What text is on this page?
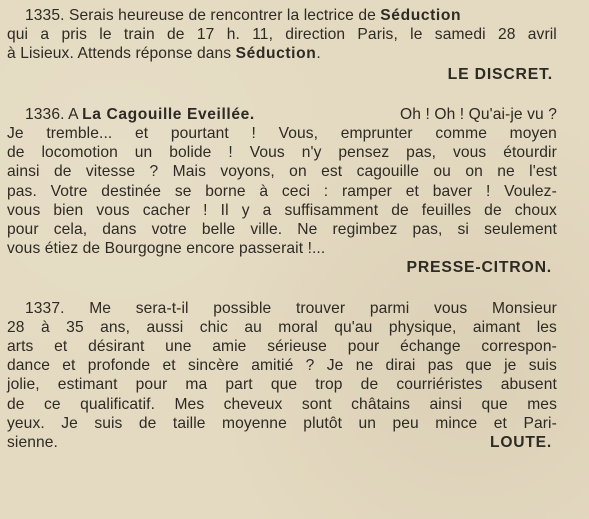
1335. Serais heureuse de rencontrer la lectrice de Séduction
qui a pris le train de 17 h. 11, direction Paris, le samedi 28 avril
à Lisieux. Attends réponse dans Séduction.
LE DISCRET.
1336. A La Cagouille Eveillée.	Oh ! Oh ! Qu'ai-je vu ?
Je tremble... et pourtant ! Vous, emprunter comme moyen
de locomotion un bolide ! Vous n'y pensez pas, vous étourdir
ainsi de vitesse ? Mais voyons, on est cagouille ou on ne l'est
pas. Votre destinée se borne à ceci : ramper et baver ! Voulez-
vous bien vous cacher ! Il y a suffisamment de feuilles de choux
pour cela, dans votre belle ville. Ne regimbez pas, si seulement
vous étiez de Bourgogne encore passerait !...
PRESSE-CITRON.
1337. Me sera-t-il possible trouver parmi vous Monsieur
28 à 35 ans, aussi chic au moral qu'au physique, aimant les
arts et désirant une amie sérieuse pour échange correspon-
dance et profonde et sincère amitié ? Je ne dirai pas que je suis
jolie, estimant pour ma part que trop de courriéristes abusent
de ce qualificatif. Mes cheveux sont châtains ainsi que mes
yeux. Je suis de taille moyenne plutôt un peu mince et Pari-
sienne.	LOUTE.
